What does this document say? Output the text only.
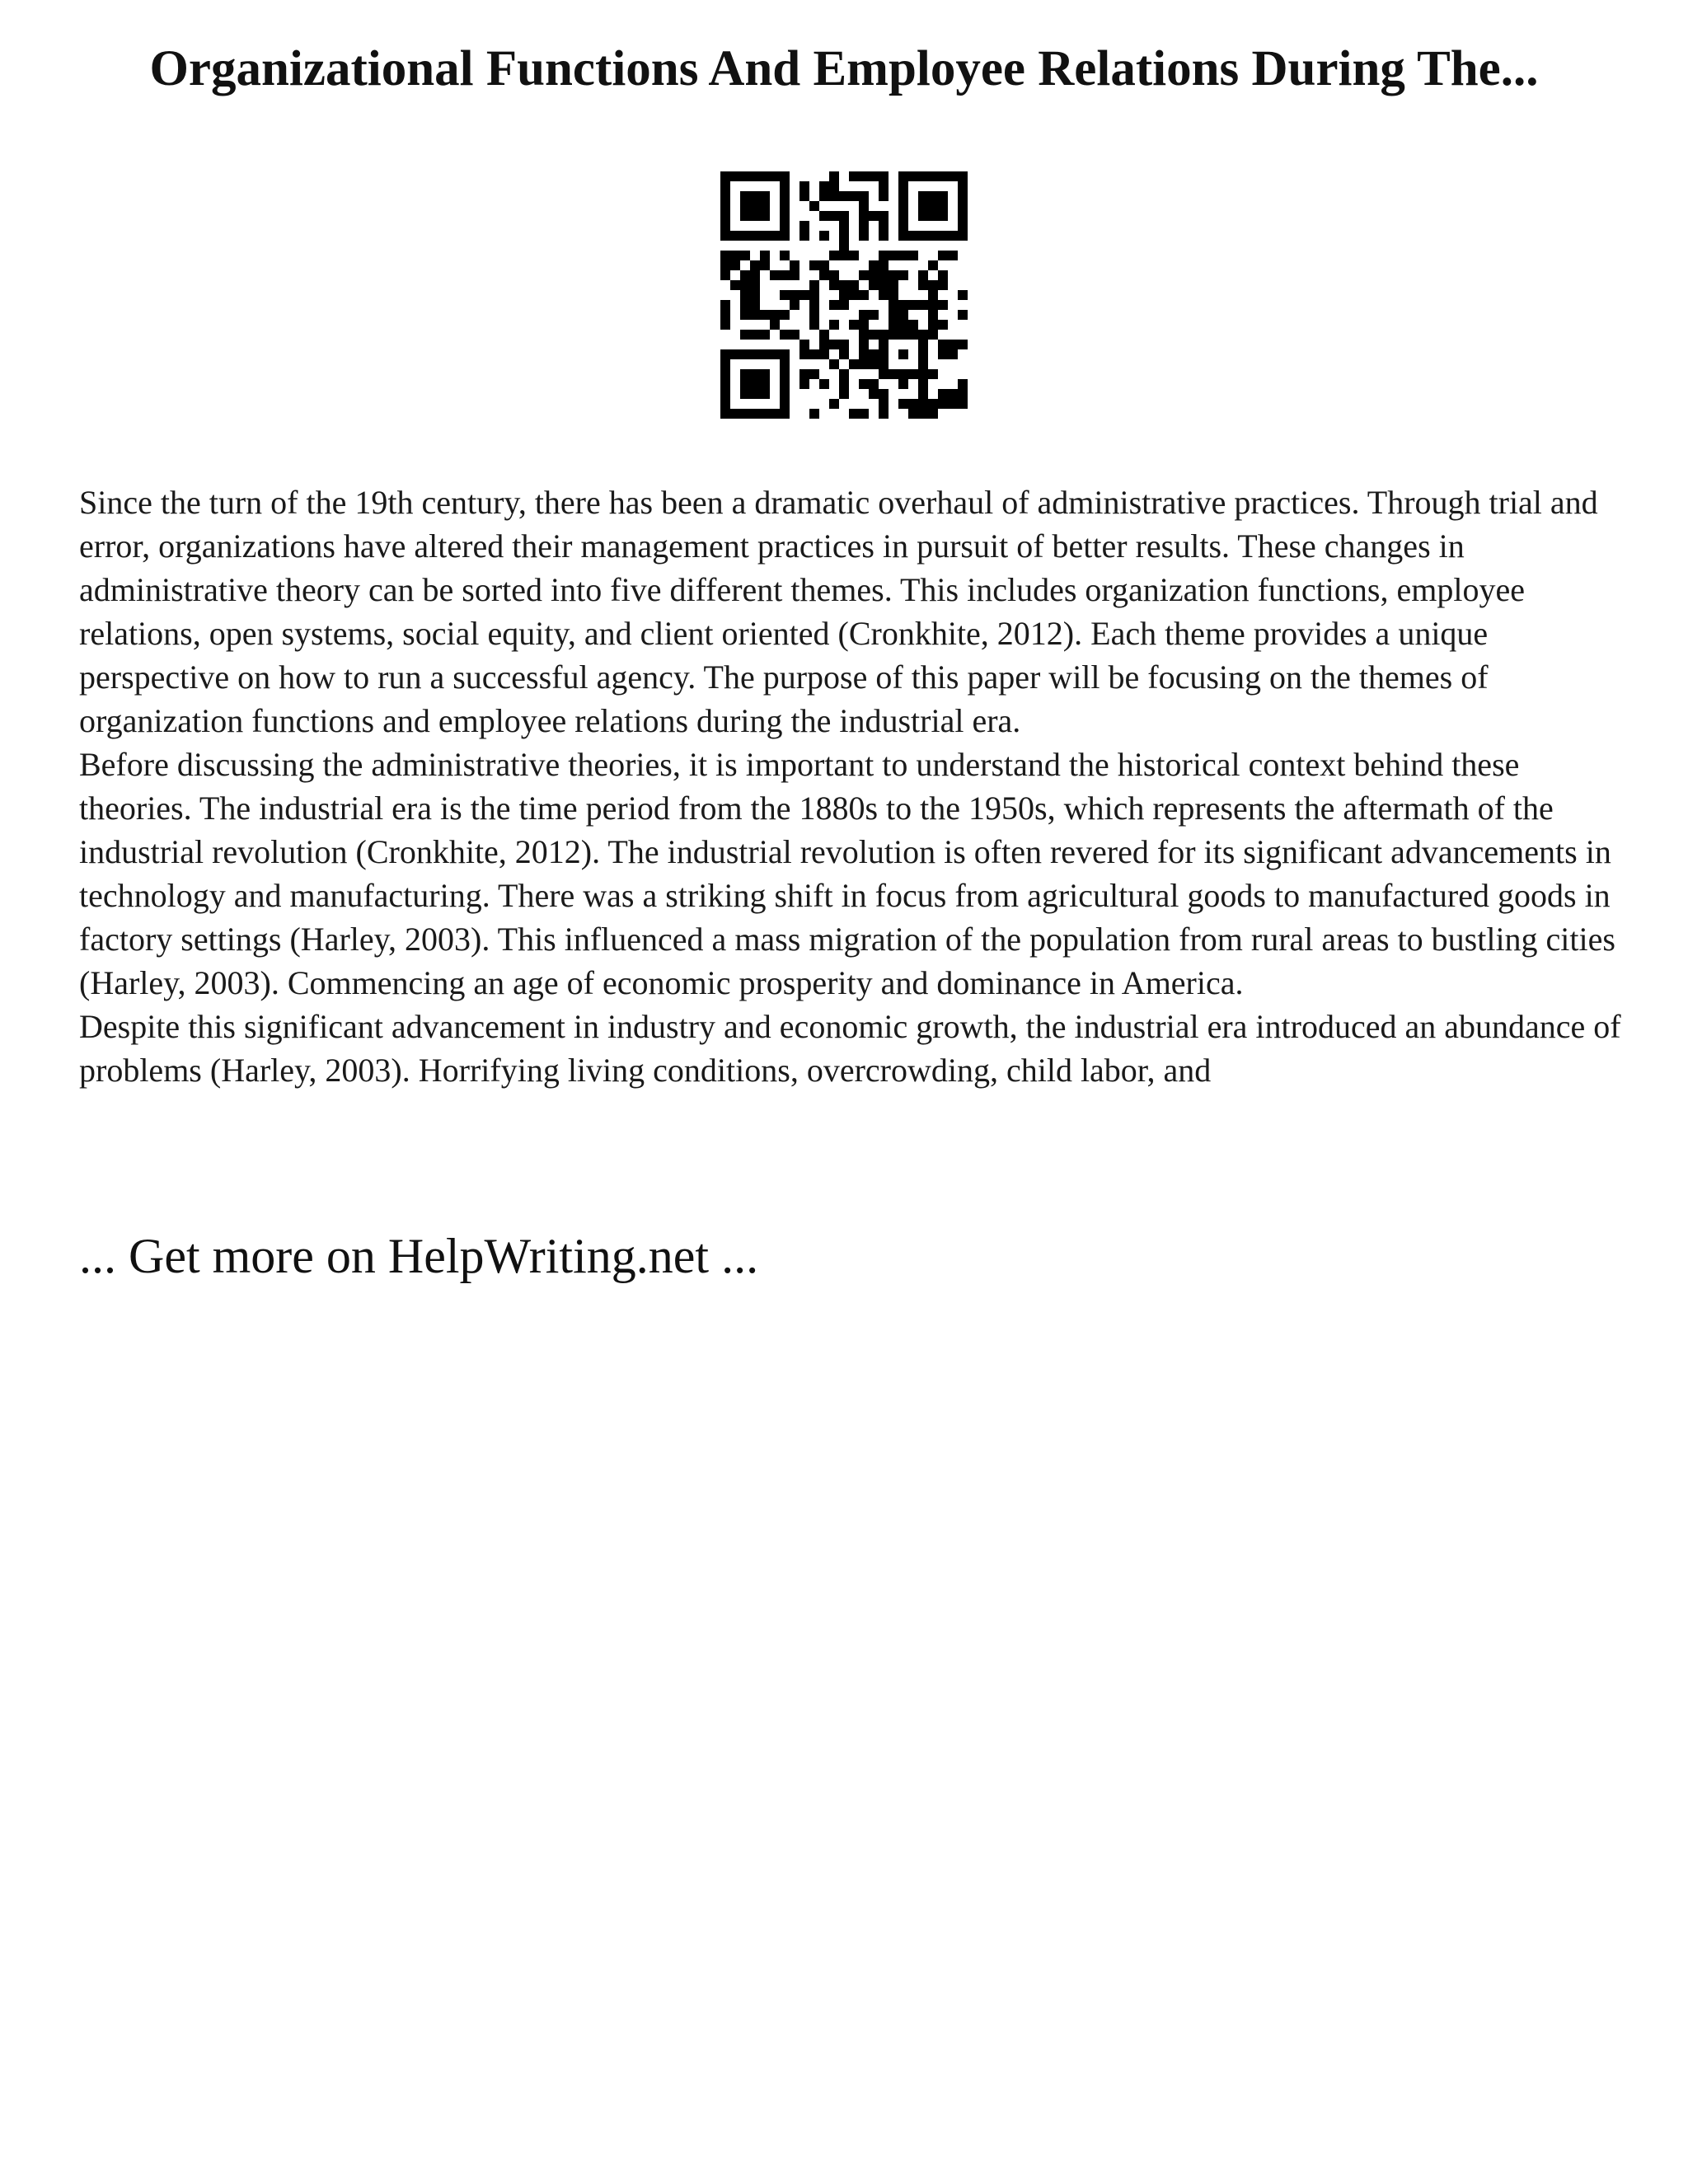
Organizational Functions And Employee Relations During The...

Since the turn of the 19th century, there has been a dramatic overhaul of administrative practices. Through trial and error, organizations have altered their management practices in pursuit of better results. These changes in administrative theory can be sorted into five different themes. This includes organization functions, employee relations, open systems, social equity, and client oriented (Cronkhite, 2012). Each theme provides a unique perspective on how to run a successful agency. The purpose of this paper will be focusing on the themes of organization functions and employee relations during the industrial era.

Before discussing the administrative theories, it is important to understand the historical context behind these theories. The industrial era is the time period from the 1880s to the 1950s, which represents the aftermath of the industrial revolution (Cronkhite, 2012). The industrial revolution is often revered for its significant advancements in technology and manufacturing. There was a striking shift in focus from agricultural goods to manufactured goods in factory settings (Harley, 2003). This influenced a mass migration of the population from rural areas to bustling cities (Harley, 2003). Commencing an age of economic prosperity and dominance in America.

Despite this significant advancement in industry and economic growth, the industrial era introduced an abundance of problems (Harley, 2003). Horrifying living conditions, overcrowding, child labor, and

... Get more on HelpWriting.net ...
